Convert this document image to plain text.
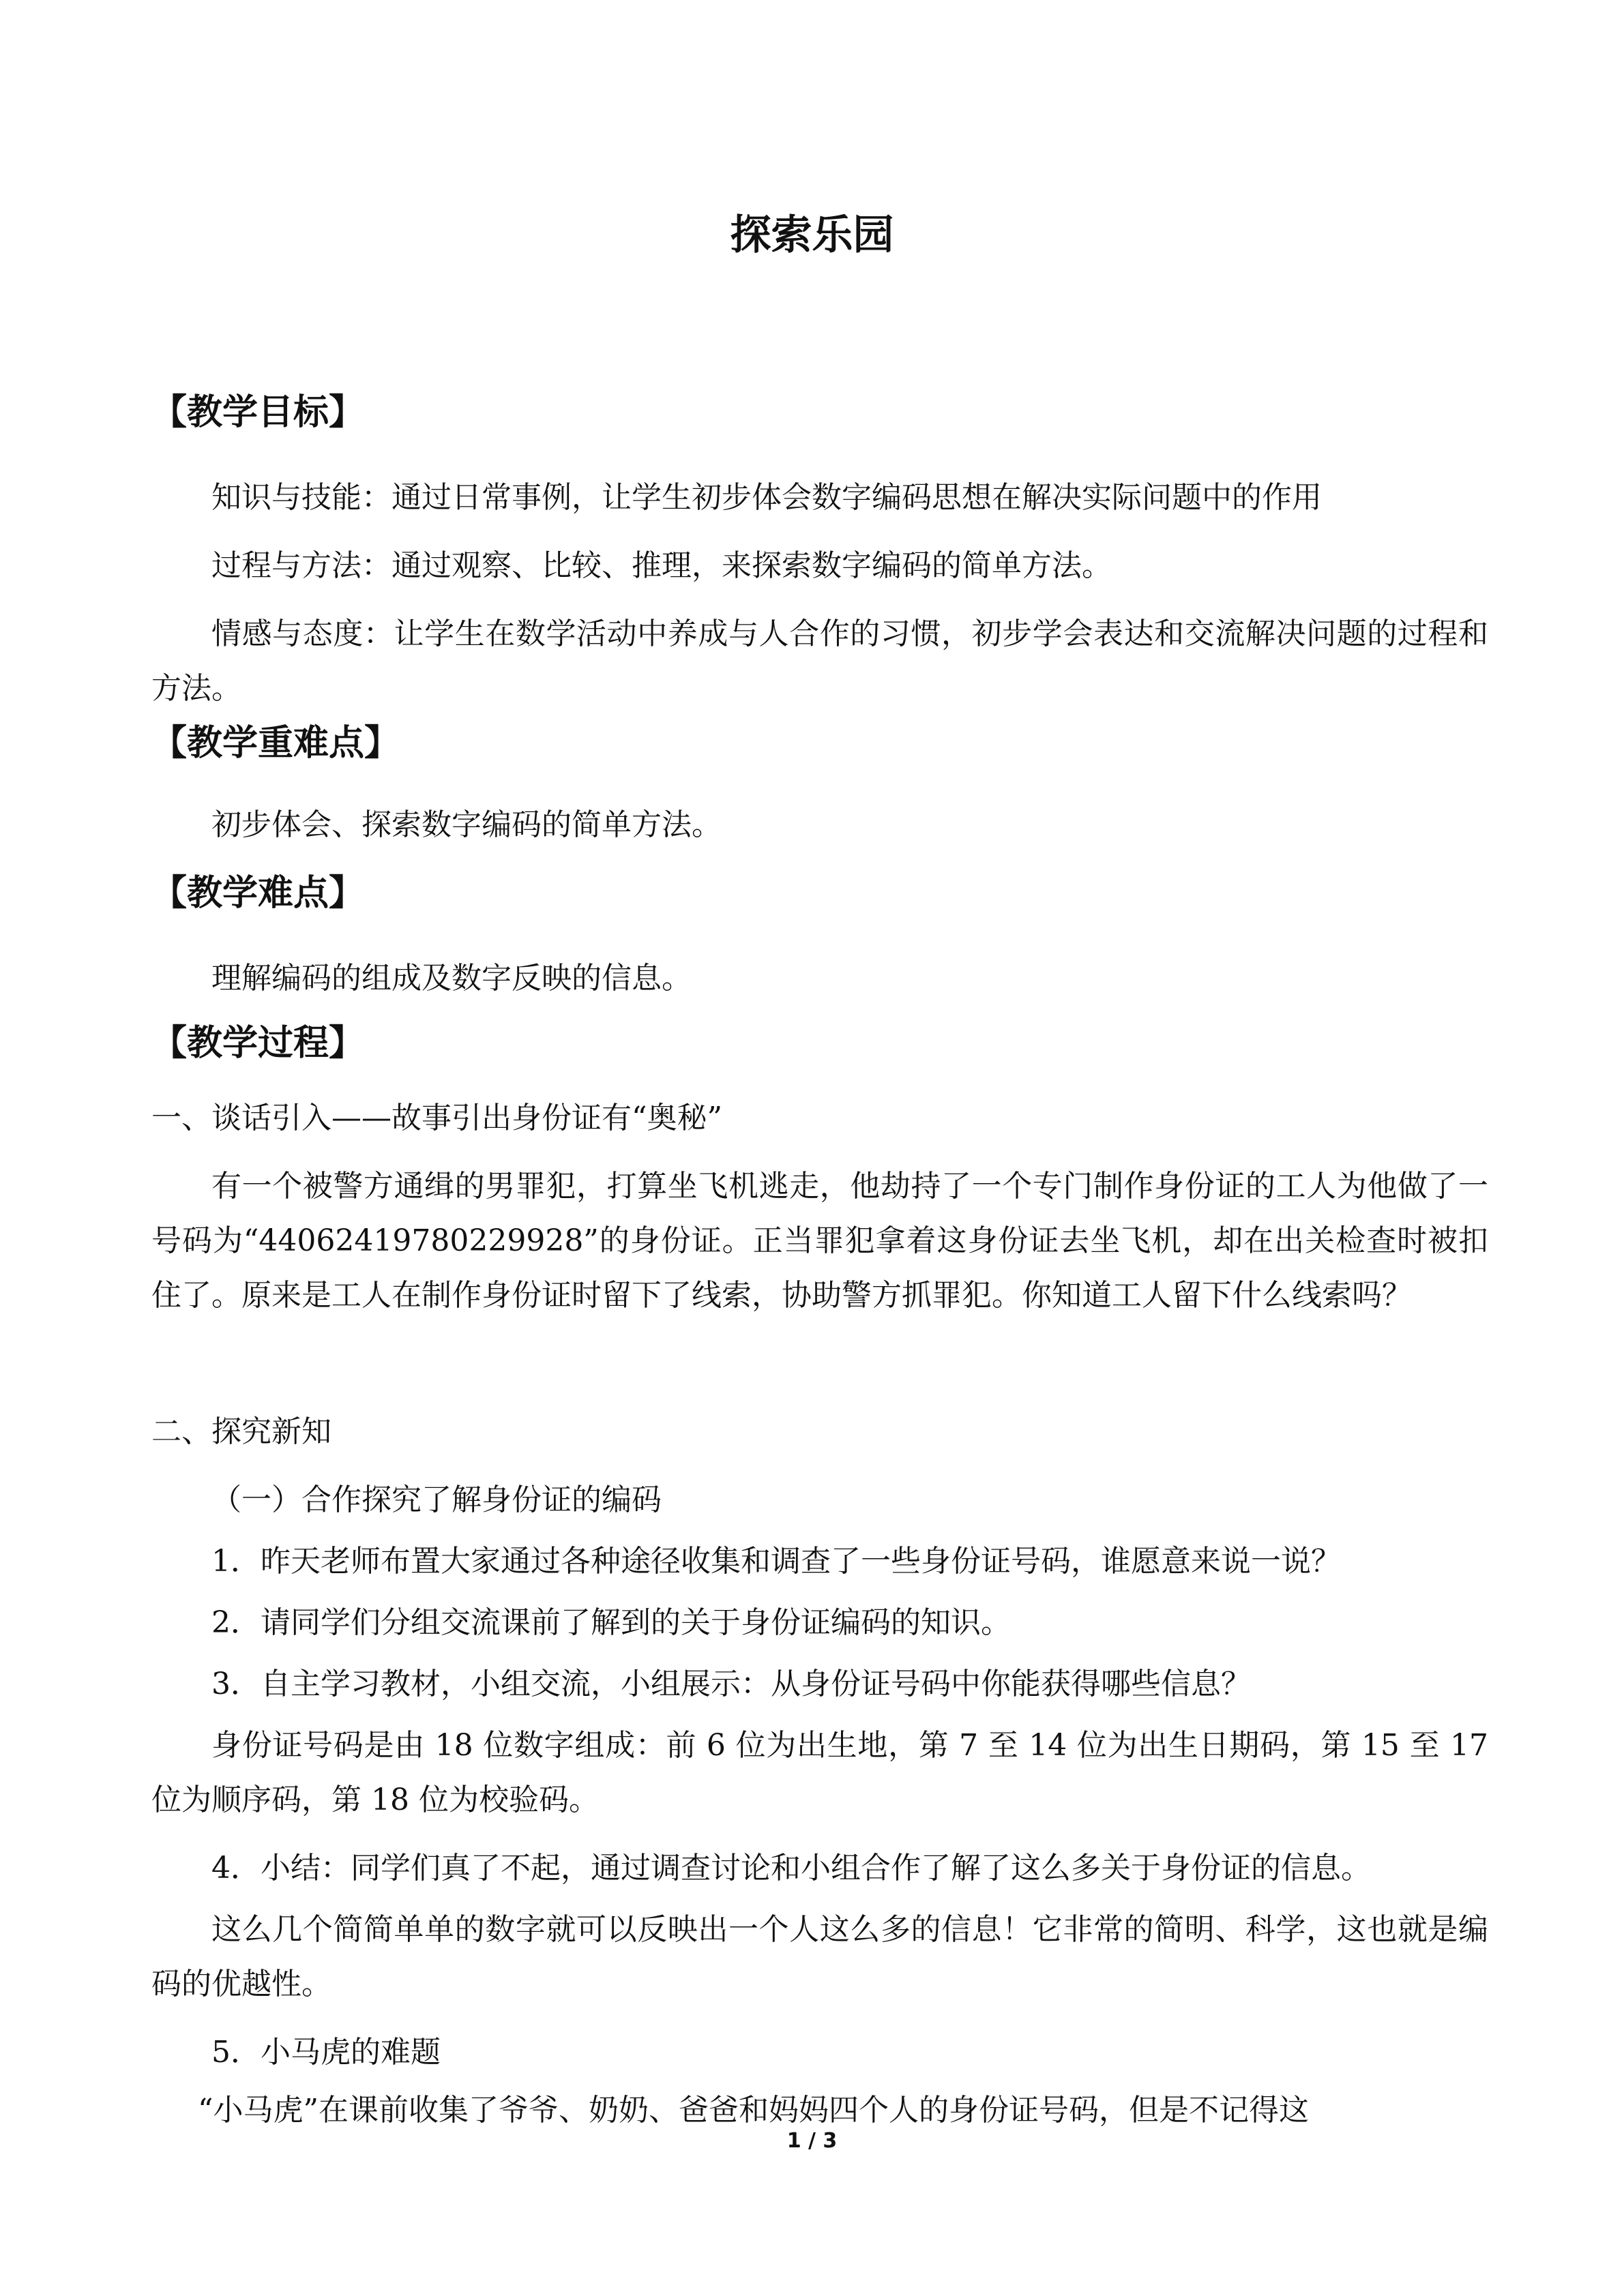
探索乐园
【教学目标】
知识与技能：通过日常事例，让学生初步体会数字编码思想在解决实际问题中的作用
过程与方法：通过观察、比较、推理，来探索数字编码的简单方法。
情感与态度：让学生在数学活动中养成与人合作的习惯，初步学会表达和交流解决问题的过程和方法。
【教学重难点】
初步体会、探索数字编码的简单方法。
【教学难点】
理解编码的组成及数字反映的信息。
【教学过程】
一、谈话引入——故事引出身份证有“奥秘”
有一个被警方通缉的男罪犯，打算坐飞机逃走，他劫持了一个专门制作身份证的工人为他做了一号码为“44062419780229928”的身份证。正当罪犯拿着这身份证去坐飞机，却在出关检查时被扣住了。原来是工人在制作身份证时留下了线索，协助警方抓罪犯。你知道工人留下什么线索吗？
二、探究新知
（一）合作探究了解身份证的编码
1．昨天老师布置大家通过各种途径收集和调查了一些身份证号码，谁愿意来说一说？
2．请同学们分组交流课前了解到的关于身份证编码的知识。
3．自主学习教材，小组交流，小组展示：从身份证号码中你能获得哪些信息？
身份证号码是由 18 位数字组成：前 6 位为出生地，第 7 至 14 位为出生日期码，第 15 至 17 位为顺序码，第 18 位为校验码。
4．小结：同学们真了不起，通过调查讨论和小组合作了解了这么多关于身份证的信息。
这么几个简简单单的数字就可以反映出一个人这么多的信息！它非常的简明、科学，这也就是编码的优越性。
5．小马虎的难题
“小马虎”在课前收集了爷爷、奶奶、爸爸和妈妈四个人的身份证号码，但是不记得这
1 / 3
